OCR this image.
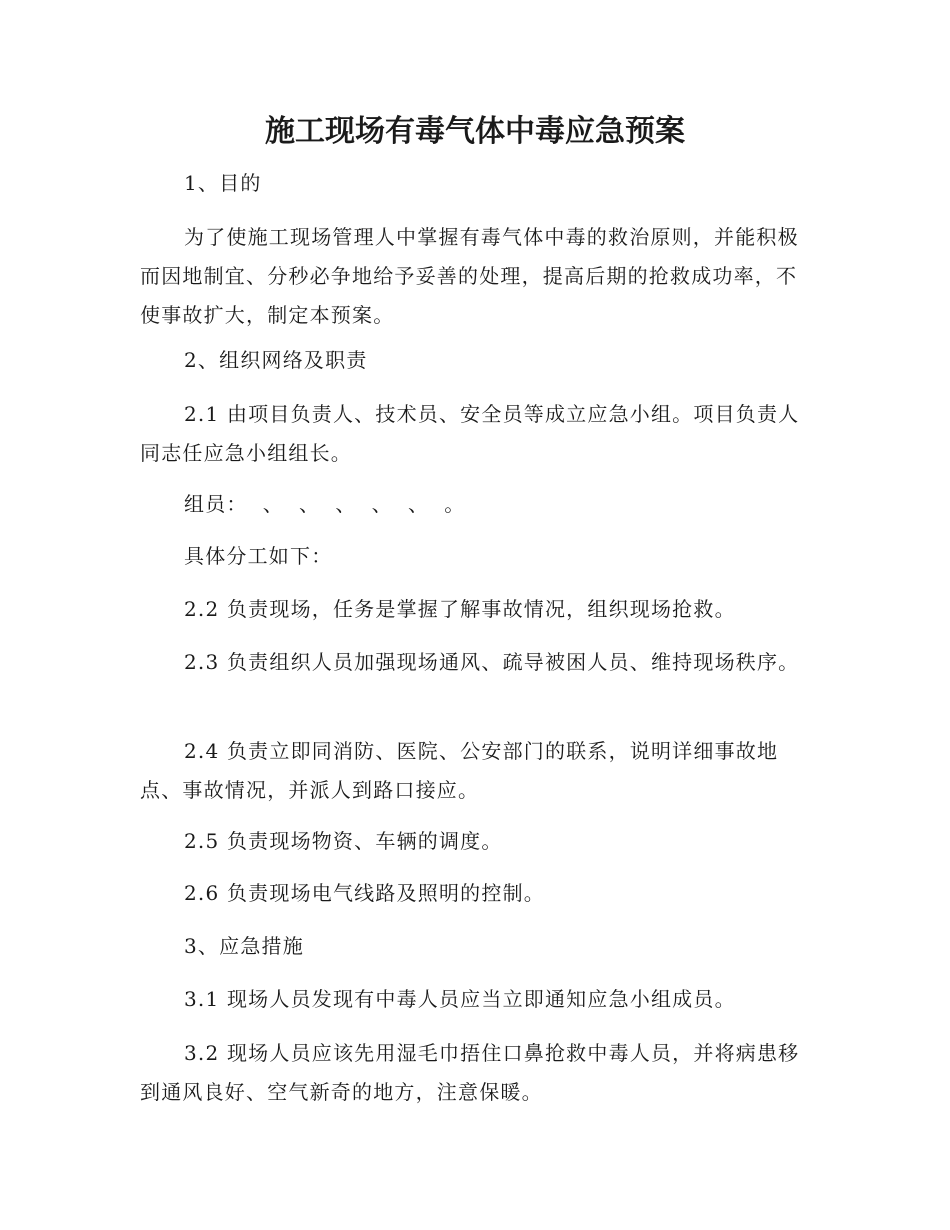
施工现场有毒气体中毒应急预案

1、目的

为了使施工现场管理人中掌握有毒气体中毒的救治原则，并能积极而因地制宜、分秒必争地给予妥善的处理，提高后期的抢救成功率，不使事故扩大，制定本预案。

2、组织网络及职责

2.1 由项目负责人、技术员、安全员等成立应急小组。项目负责人同志任应急小组组长。

组员：  、  、  、  、  、  。

具体分工如下：

2.2 负责现场，任务是掌握了解事故情况，组织现场抢救。

2.3 负责组织人员加强现场通风、疏导被困人员、维持现场秩序。

2.4 负责立即同消防、医院、公安部门的联系，说明详细事故地点、事故情况，并派人到路口接应。

2.5 负责现场物资、车辆的调度。

2.6 负责现场电气线路及照明的控制。

3、应急措施

3.1 现场人员发现有中毒人员应当立即通知应急小组成员。

3.2 现场人员应该先用湿毛巾捂住口鼻抢救中毒人员，并将病患移到通风良好、空气新奇的地方，注意保暖。
